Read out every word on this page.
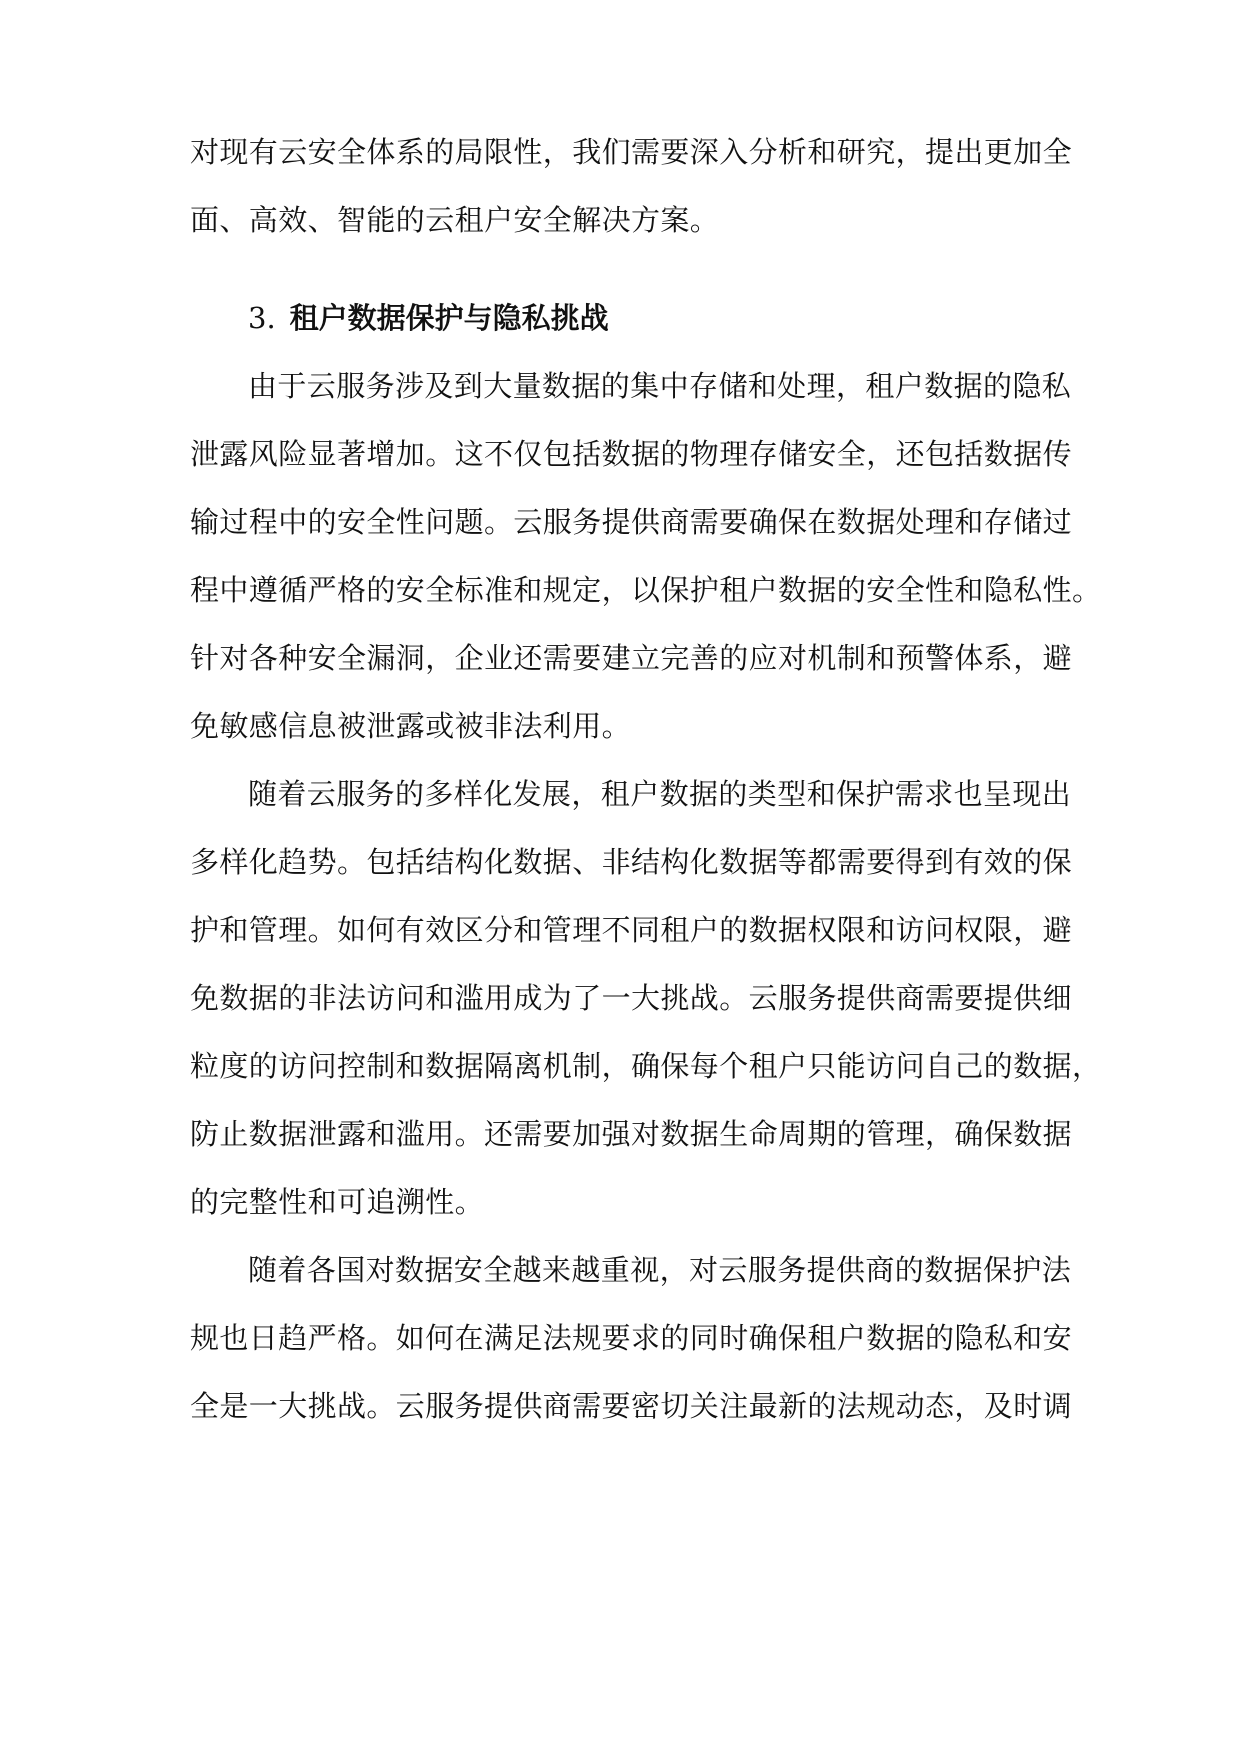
对现有云安全体系的局限性，我们需要深入分析和研究，提出更加全
面、高效、智能的云租户安全解决方案。
3. 租户数据保护与隐私挑战
由于云服务涉及到大量数据的集中存储和处理，租户数据的隐私
泄露风险显著增加。这不仅包括数据的物理存储安全，还包括数据传
输过程中的安全性问题。云服务提供商需要确保在数据处理和存储过
程中遵循严格的安全标准和规定，以保护租户数据的安全性和隐私性。
针对各种安全漏洞，企业还需要建立完善的应对机制和预警体系，避
免敏感信息被泄露或被非法利用。
随着云服务的多样化发展，租户数据的类型和保护需求也呈现出
多样化趋势。包括结构化数据、非结构化数据等都需要得到有效的保
护和管理。如何有效区分和管理不同租户的数据权限和访问权限，避
免数据的非法访问和滥用成为了一大挑战。云服务提供商需要提供细
粒度的访问控制和数据隔离机制，确保每个租户只能访问自己的数据，
防止数据泄露和滥用。还需要加强对数据生命周期的管理，确保数据
的完整性和可追溯性。
随着各国对数据安全越来越重视，对云服务提供商的数据保护法
规也日趋严格。如何在满足法规要求的同时确保租户数据的隐私和安
全是一大挑战。云服务提供商需要密切关注最新的法规动态，及时调
